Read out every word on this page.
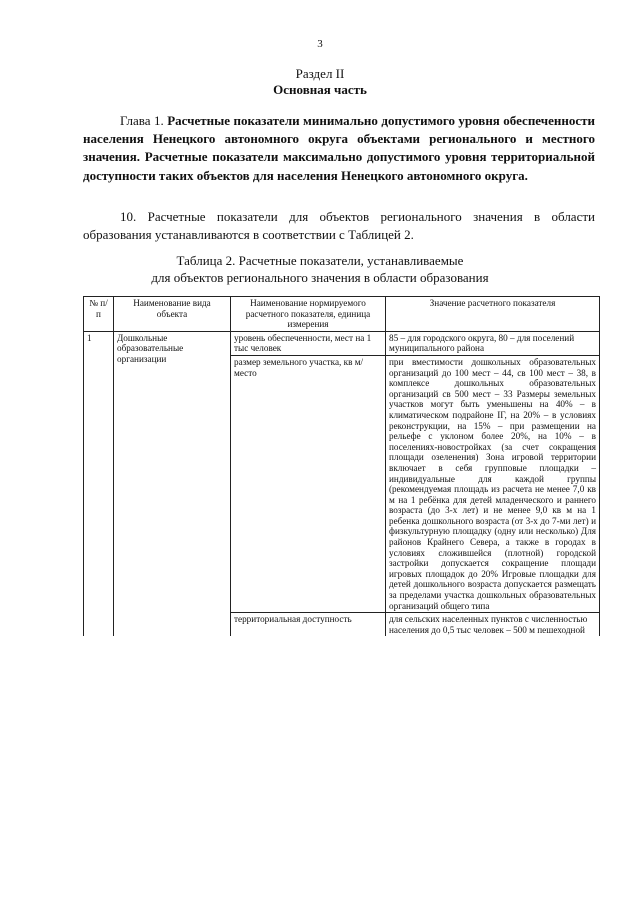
3
Раздел II
Основная часть
Глава 1. Расчетные показатели минимально допустимого уровня обеспеченности населения Ненецкого автономного округа объектами регионального и местного значения. Расчетные показатели максимально допустимого уровня территориальной доступности таких объектов для населения Ненецкого автономного округа.
10. Расчетные показатели для объектов регионального значения в области образования устанавливаются в соответствии с Таблицей 2.
Таблица 2. Расчетные показатели, устанавливаемые
для объектов регионального значения в области образования
№ п/п	Наименование вида объекта	Наименование нормируемого расчетного показателя, единица измерения	Значение расчетного показателя
1	Дошкольные образовательные организации	уровень обеспеченности, мест на 1 тыс человек	85 – для городского округа, 80 – для поселений муниципального района
		размер земельного участка, кв м/место	при вместимости дошкольных образовательных организаций до 100 мест – 44, св 100 мест – 38, в комплексе дошкольных образовательных организаций св 500 мест – 33 Размеры земельных участков могут быть уменьшены на 40% – в климатическом подрайоне IГ, на 20% – в условиях реконструкции, на 15% – при размещении на рельефе с уклоном более 20%, на 10% – в поселениях-новостройках (за счет сокращения площади озеленения) Зона игровой территории включает в себя групповые площадки – индивидуальные для каждой группы (рекомендуемая площадь из расчета не менее 7,0 кв м на 1 ребёнка для детей младенческого и раннего возраста (до 3-х лет) и не менее 9,0 кв м на 1 ребенка дошкольного возраста (от 3-х до 7-ми лет) и физкультурную площадку (одну или несколько) Для районов Крайнего Севера, а также в городах в условиях сложившейся (плотной) городской застройки допускается сокращение площади игровых площадок до 20% Игровые площадки для детей дошкольного возраста допускается размещать за пределами участка дошкольных образовательных организаций общего типа
		территориальная доступность	для сельских населенных пунктов с численностью населения до 0,5 тыс человек – 500 м пешеходной
